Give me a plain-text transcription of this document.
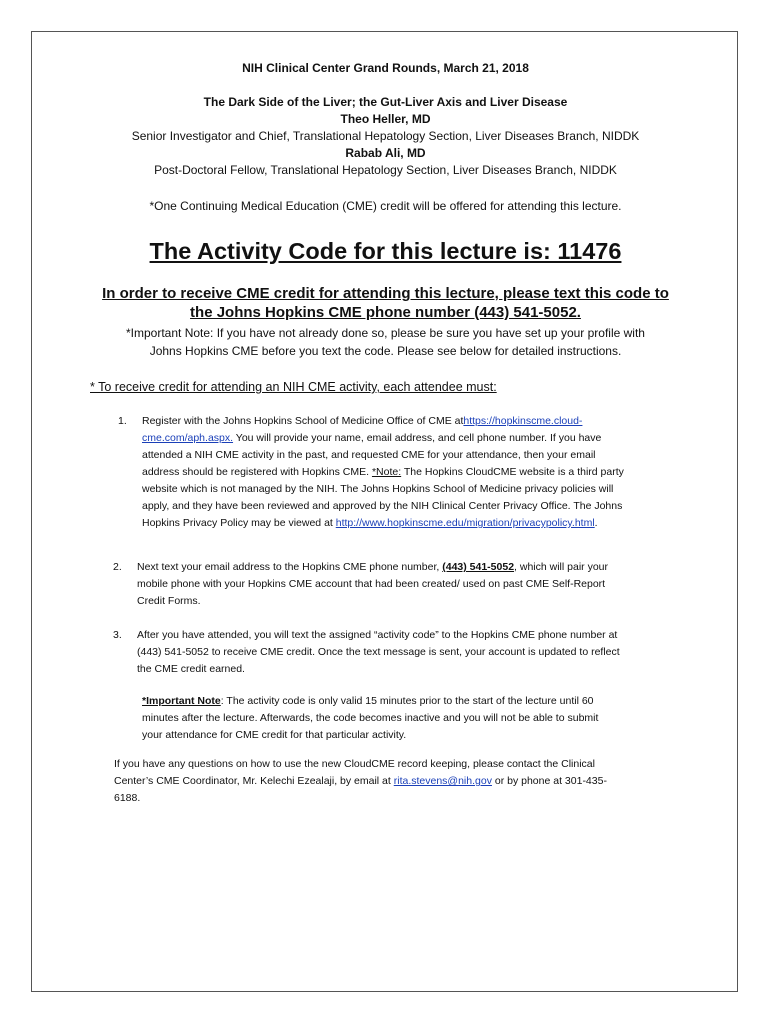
NIH Clinical Center Grand Rounds, March 21, 2018
The Dark Side of the Liver; the Gut-Liver Axis and Liver Disease
Theo Heller, MD
Senior Investigator and Chief, Translational Hepatology Section, Liver Diseases Branch, NIDDK
Rabab Ali, MD
Post-Doctoral Fellow, Translational Hepatology Section, Liver Diseases Branch, NIDDK
*One Continuing Medical Education (CME) credit will be offered for attending this lecture.
The Activity Code for this lecture is: 11476
In order to receive CME credit for attending this lecture, please text this code to
the Johns Hopkins CME phone number (443) 541-5052.
*Important Note: If you have not already done so, please be sure you have set up your profile with
Johns Hopkins CME before you text the code. Please see below for detailed instructions.
* To receive credit for attending an NIH CME activity, each attendee must:
1. Register with the Johns Hopkins School of Medicine Office of CME athttps://hopkinscme.cloud-
cme.com/aph.aspx. You will provide your name, email address, and cell phone number. If you have
attended a NIH CME activity in the past, and requested CME for your attendance, then your email
address should be registered with Hopkins CME. *Note: The Hopkins CloudCME website is a third party
website which is not managed by the NIH. The Johns Hopkins School of Medicine privacy policies will
apply, and they have been reviewed and approved by the NIH Clinical Center Privacy Office. The Johns
Hopkins Privacy Policy may be viewed at http://www.hopkinscme.edu/migration/privacypolicy.html.
2. Next text your email address to the Hopkins CME phone number, (443) 541-5052, which will pair your
mobile phone with your Hopkins CME account that had been created/ used on past CME Self-Report
Credit Forms.
3. After you have attended, you will text the assigned “activity code” to the Hopkins CME phone number at
(443) 541-5052 to receive CME credit. Once the text message is sent, your account is updated to reflect
the CME credit earned.
*Important Note: The activity code is only valid 15 minutes prior to the start of the lecture until 60
minutes after the lecture. Afterwards, the code becomes inactive and you will not be able to submit
your attendance for CME credit for that particular activity.
If you have any questions on how to use the new CloudCME record keeping, please contact the Clinical
Center’s CME Coordinator, Mr. Kelechi Ezealaji, by email at rita.stevens@nih.gov or by phone at 301-435-
6188.
